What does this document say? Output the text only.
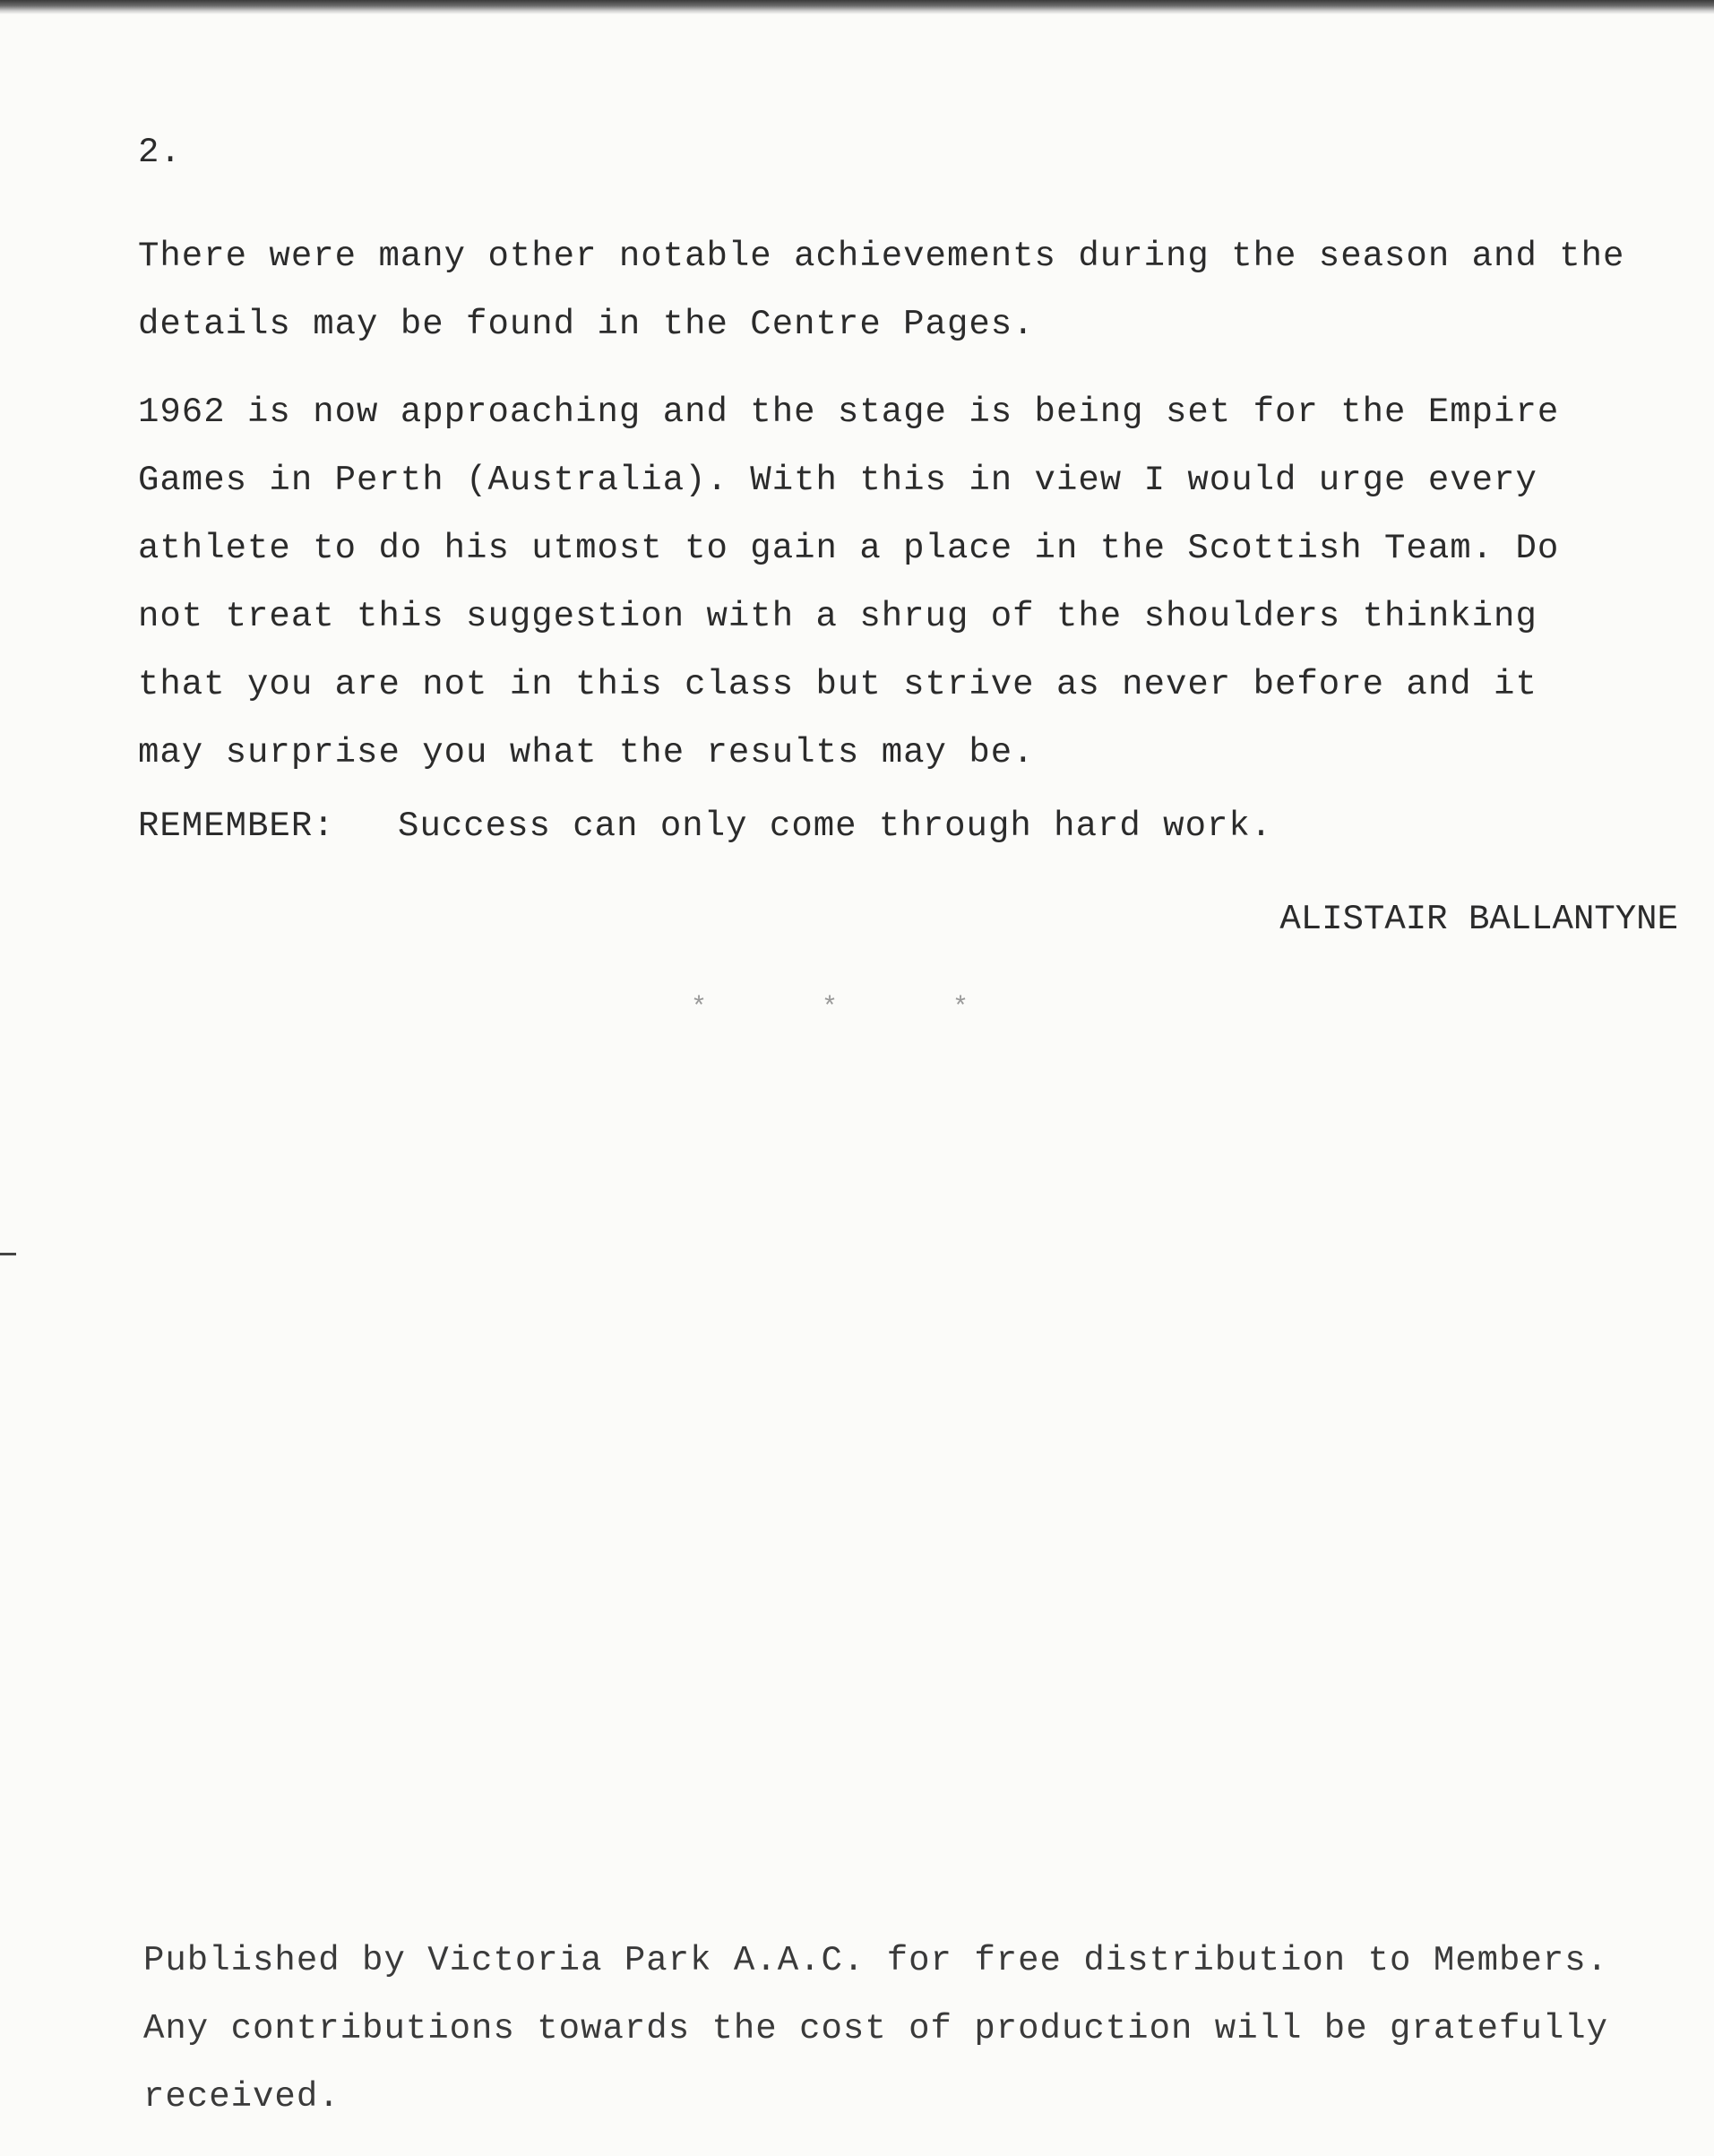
2.
There were many other notable achievements during the season and the
details may be found in the Centre Pages.
1962 is now approaching and the stage is being set for the Empire
Games in Perth (Australia). With this in view I would urge every
athlete to do his utmost to gain a place in the Scottish Team. Do
not treat this suggestion with a shrug of the shoulders thinking
that you are not in this class but strive as never before and it
may surprise you what the results may be.
REMEMBER: Success can only come through hard work.
ALISTAIR BALLANTYNE
*	*	*
Published by Victoria Park A.A.C. for free distribution to Members.
Any contributions towards the cost of production will be gratefully
received.
